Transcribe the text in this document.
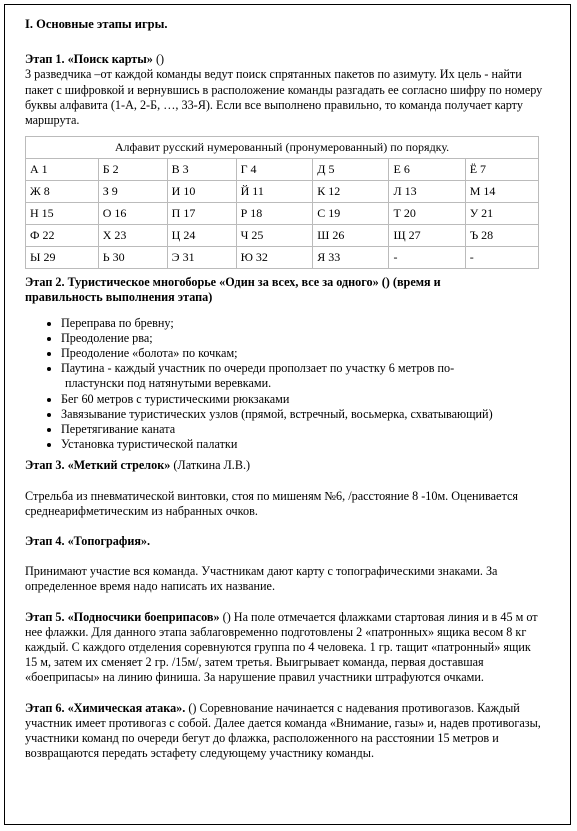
I. Основные этапы игры.

Этап 1. «Поиск карты» ()

3 разведчика –от каждой команды ведут поиск спрятанных пакетов по азимуту. Их цель - найти пакет с шифровкой и вернувшись в расположение команды разгадать ее согласно шифру по номеру буквы алфавита (1-А, 2-Б, …, 33-Я). Если все выполнено правильно, то команда получает карту маршрута.

Алфавит русский нумерованный (пронумерованный) по порядку.						
А 1	Б 2	В 3	Г 4	Д 5	Е 6	Ё 7
Ж 8	З 9	И 10	Й 11	К 12	Л 13	М 14
Н 15	О 16	П 17	Р 18	С 19	Т 20	У 21
Ф 22	Х 23	Ц 24	Ч 25	Ш 26	Щ 27	Ъ 28
Ы 29	Ь 30	Э 31	Ю 32	Я 33	-	-

Этап 2. Туристическое многоборье «Один за всех, все за одного» () (время и

правильность выполнения этапа)

• Переправа по бревну;
• Преодоление рва;
• Преодоление «болота» по кочкам;
• Паутина - каждый участник по очереди проползает по участку 6 метров по-
пластунски под натянутыми веревками.
• Бег 60 метров с туристическими рюкзаками
• Завязывание туристических узлов (прямой, встречный, восьмерка, схватывающий)
• Перетягивание каната
• Установка туристической палатки

Этап 3. «Меткий стрелок» (Латкина Л.В.)

Стрельба из пневматической винтовки, стоя по мишеням №6, /расстояние 8 -10м. Оценивается среднеарифметическим из набранных очков.

Этап 4. «Топография».

Принимают участие вся команда. Участникам дают карту с топографическими знаками. За определенное время надо написать их название.

Этап 5. «Подносчики боеприпасов» () На поле отмечается флажками стартовая линия и в 45 м от нее флажки. Для данного этапа заблаговременно подготовлены 2 «патронных» ящика весом 8 кг каждый. С каждого отделения соревнуются группа по 4 человека. 1 гр. тащит «патронный» ящик 15 м, затем их сменяет 2 гр. /15м/, затем третья. Выигрывает команда, первая доставшая «боеприпасы» на линию финиша. За нарушение правил участники штрафуются очками.

Этап 6. «Химическая атака». () Соревнование начинается с надевания противогазов. Каждый участник имеет противогаз с собой. Далее дается команда «Внимание, газы» и, надев противогазы, участники команд по очереди бегут до флажка, расположенного на расстоянии 15 метров и возвращаются передать эстафету следующему участнику команды.
